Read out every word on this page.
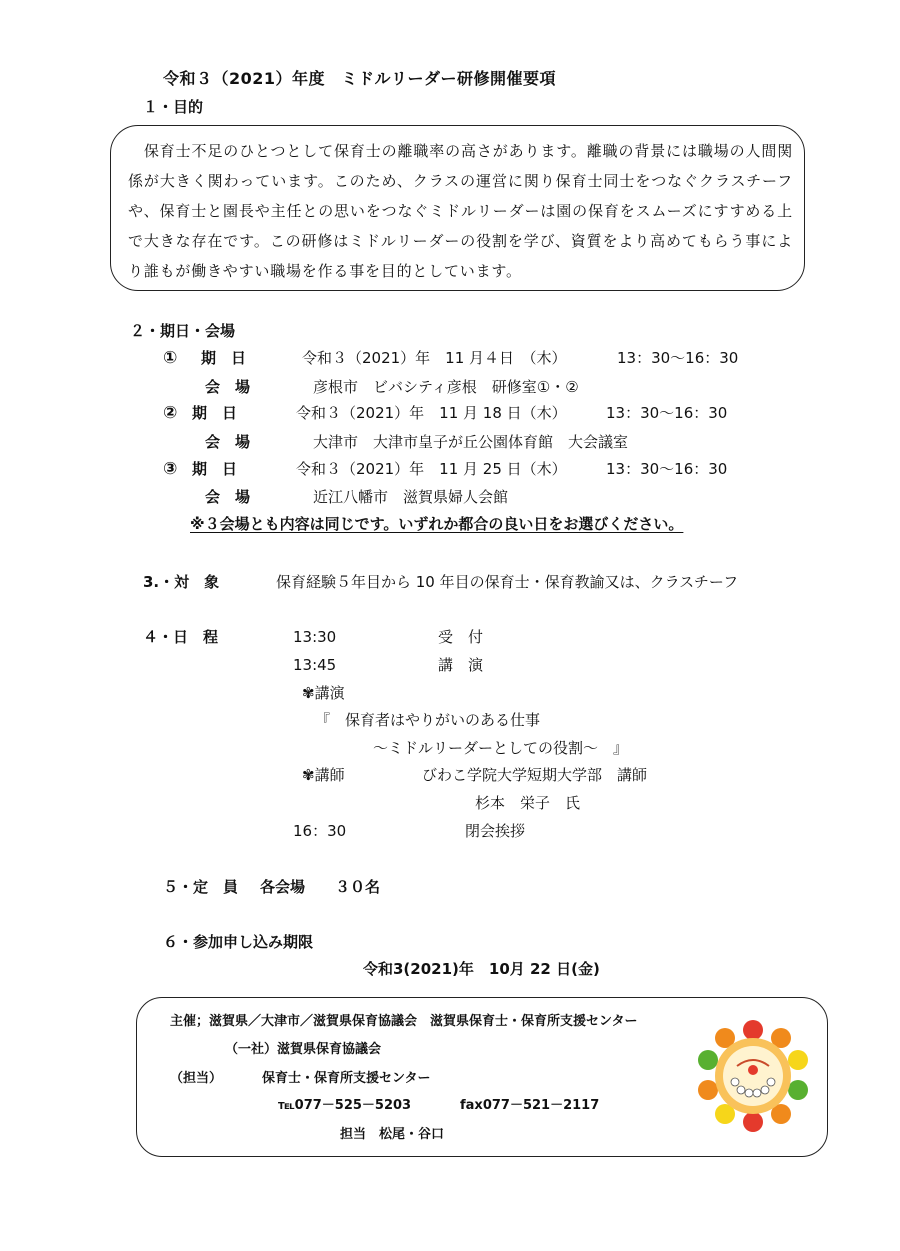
令和３（2021）年度　ミドルリーダー研修開催要項
１・目的
　保育士不足のひとつとして保育士の離職率の高さがあります。離職の背景には職場の人間関係が大きく関わっています。このため、クラスの運営に関り保育士同士をつなぐクラスチーフや、保育士と園長や主任との思いをつなぐミドルリーダーは園の保育をスムーズにすすめる上で大きな存在です。この研修はミドルリーダーの役割を学び、資質をより高めてもらう事により誰もが働きやすい職場を作る事を目的としています。
２・期日・会場
① 期　日	令和３（2021）年　11 月４日　（木）	13：30〜16：30
会　場	彦根市　ビバシティ彦根　研修室①・②
② 期　日	令和３（2021）年　11 月 18 日（木）	13：30〜16：30
会　場	大津市　大津市皇子が丘公園体育館　大会議室
③ 期　日	令和３（2021）年　11 月 25 日（木）	13：30〜16：30
会　場	近江八幡市　滋賀県婦人会館
※３会場とも内容は同じです。いずれか都合の良い日をお選びください。
3.・対　象	保育経験５年目から 10 年目の保育士・保育教諭又は、クラスチーフ
４・日　程	13:30	受　付
13:45	講　演
✾講演
『　保育者はやりがいのある仕事
〜ミドルリーダーとしての役割〜　』
✾講師	びわこ学院大学短期大学部　講師
杉本　栄子　氏
16：30	閉会挨拶
５・定　員 各会場　　３０名
６・参加申し込み期限
令和3(2021)年　10月 22 日(金)
主催；滋賀県／大津市／滋賀県保育協議会　滋賀県保育士・保育所支援センター
（一社）滋賀県保育協議会
（担当）	保育士・保育所支援センター
℡077－525－5203	fax077－521－2117
担当　松尾・谷口
